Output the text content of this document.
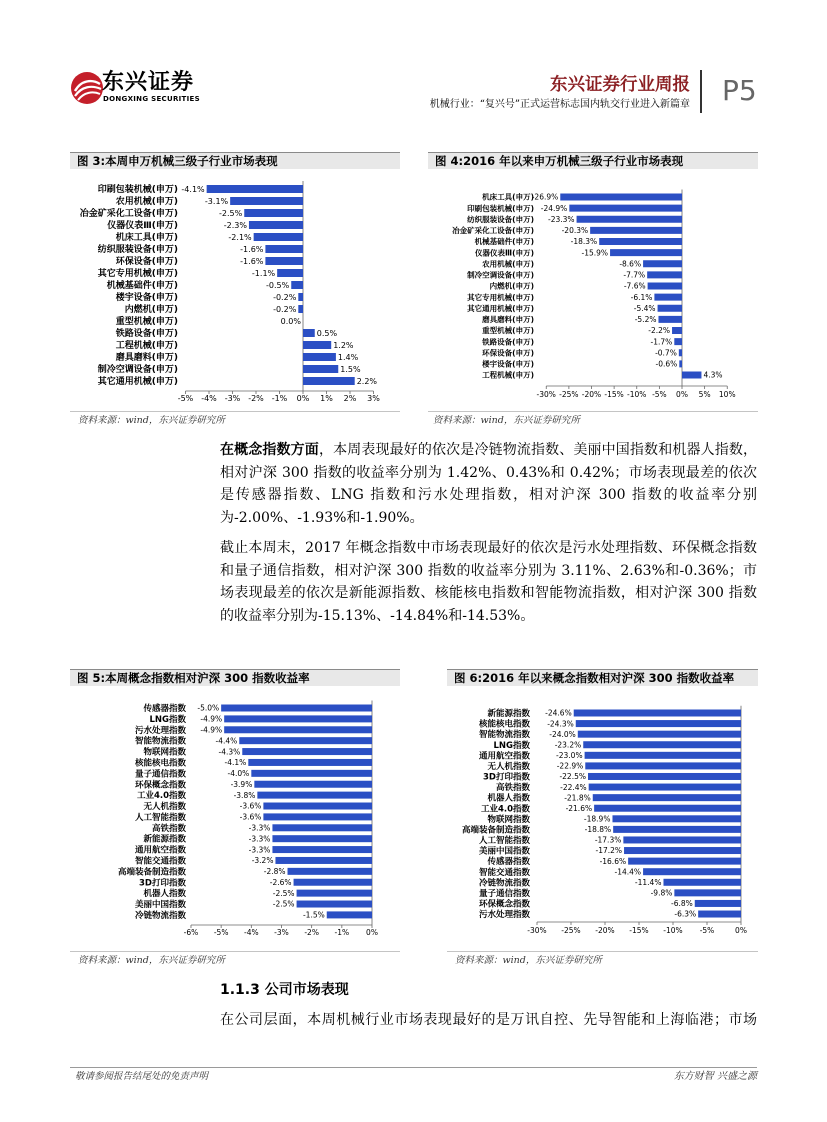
东兴证券
DONGXING SECURITIES
东兴证券行业周报
机械行业：“复兴号”正式运营标志国内轨交行业进入新篇章 P5
图 3:本周申万机械三级子行业市场表现
-5% -4% -3% -2% -1% 0% 1% 2% 3%
印刷包装机械(申万) -4.1%
农用机械(申万)	-3.1%
冶金矿采化工设备(申万)	-2.5%
仪器仪表Ⅲ(申万)	-2.3%
机床工具(申万)	-2.1%
纺织服装设备(申万)	-1.6%
环保设备(申万)	-1.6%
其它专用机械(申万)	-1.1%
机械基础件(申万)	-0.5%
楼宇设备(申万)	-0.2%
内燃机(申万)	-0.2%
重型机械(申万)	0.0%
铁路设备(申万)	0.5%
工程机械(申万)	1.2%
磨具磨料(申万)	1.4%
制冷空调设备(申万)	1.5%
其它通用机械(申万)	2.2%
资料来源：wind，东兴证券研究所
图 4:2016 年以来申万机械三级子行业市场表现
-30% -25% -20% -15% -10% -5% 0% 5% 10%
机床工具(申万)
-26.9%
印刷包装机械(申万) -24.9%
纺织服装设备(申万) -23.3%
冶金矿采化工设备(申万)	-20.3%
机械基础件(申万)	-18.3%
仪器仪表Ⅲ(申万)	-15.9%
农用机械(申万)	-8.6%
制冷空调设备(申万)	-7.7%
内燃机(申万)	-7.6%
其它专用机械(申万)	-6.1%
其它通用机械(申万)	-5.4%
磨具磨料(申万)	-5.2%
重型机械(申万)	-2.2%
铁路设备(申万)	-1.7%
环保设备(申万)	-0.7%
楼宇设备(申万)	-0.6%
工程机械(申万)	4.3%
资料来源：wind，东兴证券研究所

在概念指数方面，本周表现最好的依次是冷链物流指数、美丽中国指数和机器人指数，相对沪深 300 指数的收益率分别为 1.42%、0.43%和 0.42%；市场表现最差的依次是传感器指数、LNG 指数和污水处理指数，相对沪深 300 指数的收益率分别为-2.00%、-1.93%和-1.90%。

截止本周末，2017 年概念指数中市场表现最好的依次是污水处理指数、环保概念指数和量子通信指数，相对沪深 300 指数的收益率分别为 3.11%、2.63%和-0.36%；市场表现最差的依次是新能源指数、核能核电指数和智能物流指数，相对沪深 300 指数的收益率分别为-15.13%、-14.84%和-14.53%。

图 5:本周概念指数相对沪深 300 指数收益率
-6% -5% -4% -3% -2% -1% 0%
传感器指数 -5.0%
LNG指数 -4.9%
污水处理指数 -4.9%
智能物流指数	-4.4%
物联网指数	-4.3%
核能核电指数	-4.1%
量子通信指数	-4.0%
环保概念指数	-3.9%
工业4.0指数	-3.8%
无人机指数	-3.6%
人工智能指数	-3.6%
高铁指数	-3.3%
新能源指数	-3.3%
通用航空指数	-3.3%
智能交通指数	-3.2%
高端装备制造指数	-2.8%
3D打印指数	-2.6%
机器人指数	-2.5%
美丽中国指数	-2.5%
冷链物流指数	-1.5%
资料来源：wind，东兴证券研究所
图 6:2016 年以来概念指数相对沪深 300 指数收益率
-30% -25% -20% -15% -10% -5%	0%
新能源指数 -24.6%
核能核电指数 -24.3%
智能物流指数	-24.0%
LNG指数	-23.2%
通用航空指数	-23.0%
无人机指数	-22.9%
3D打印指数	-22.5%
高铁指数	-22.4%
机器人指数	-21.8%
工业4.0指数	-21.6%
物联网指数	-18.9%
高端装备制造指数	-18.8%
人工智能指数	-17.3%
美丽中国指数	-17.2%
传感器指数	-16.6%
智能交通指数	-14.4%
冷链物流指数	-11.4%
量子通信指数	-9.8%
环保概念指数	-6.8%
污水处理指数	-6.3%
资料来源：wind，东兴证券研究所
1.1.3 公司市场表现

在公司层面，本周机械行业市场表现最好的是万讯自控、先导智能和上海临港；市场

敬请参阅报告结尾处的免责声明	东方财智 兴盛之源
